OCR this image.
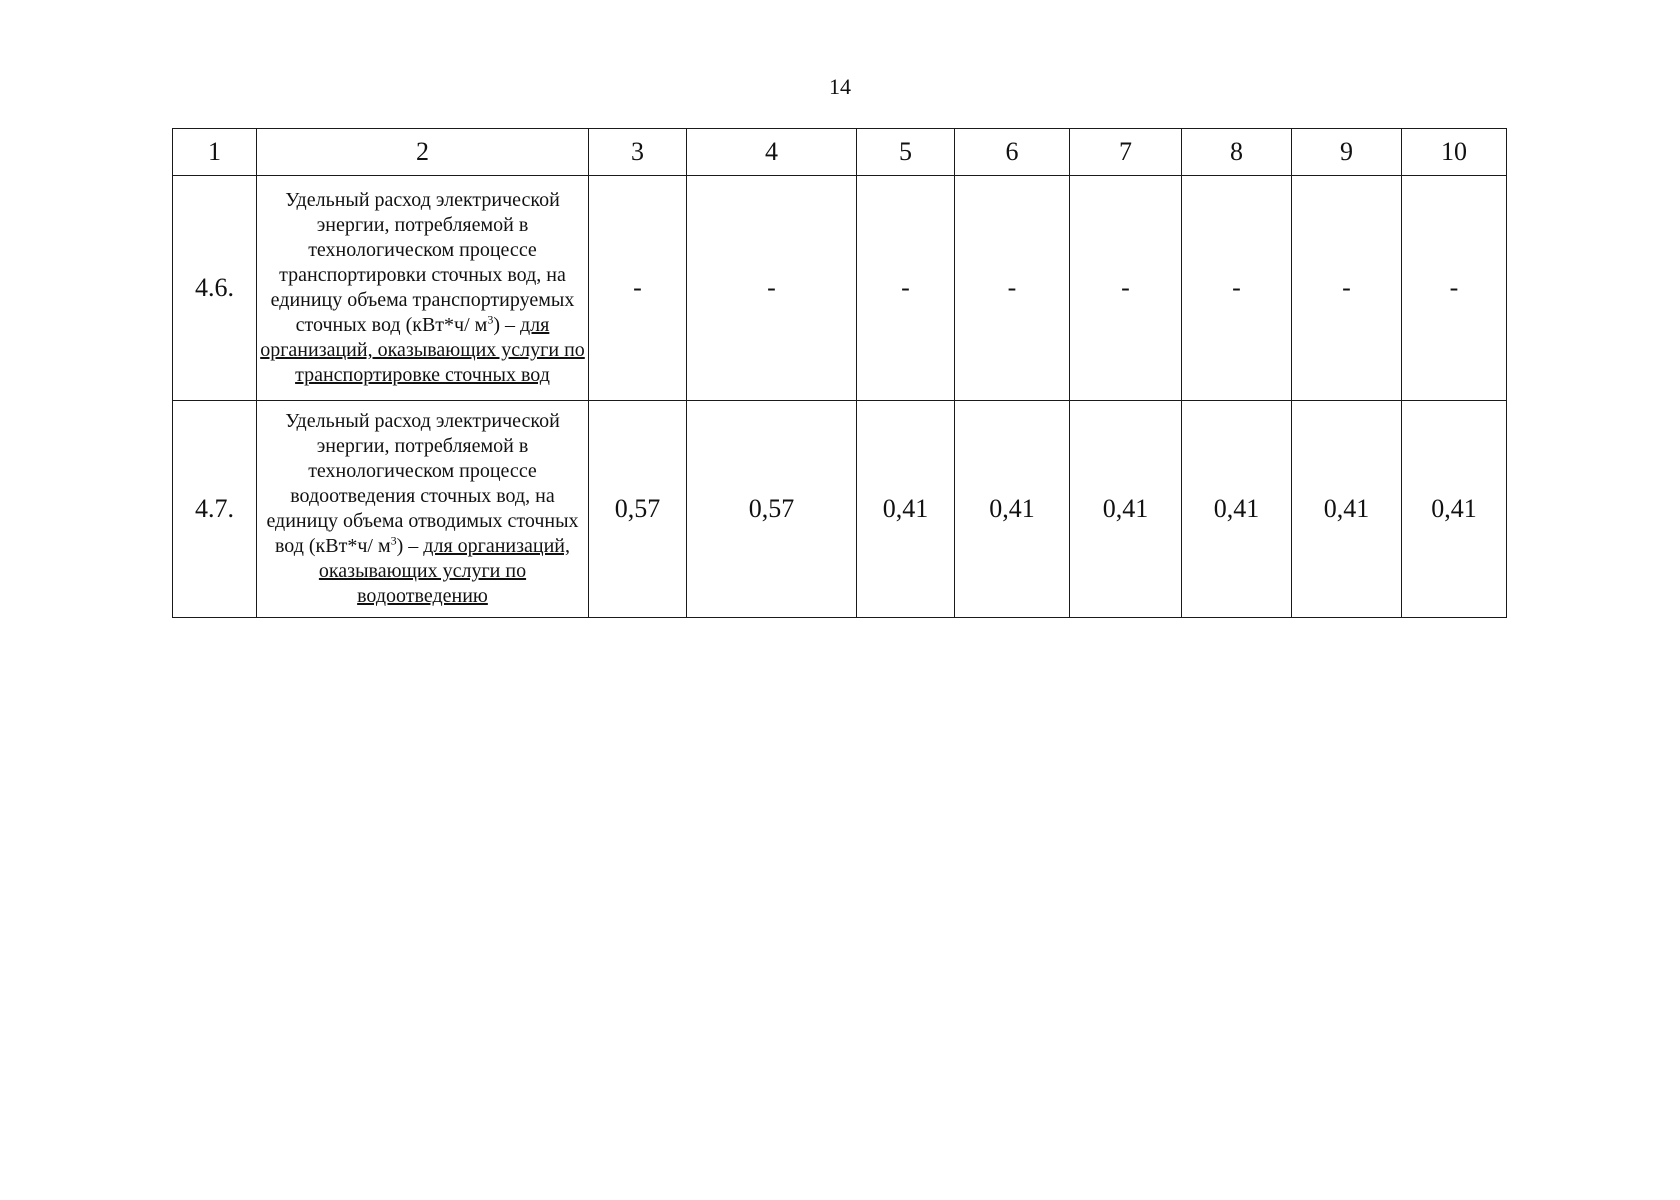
14
1	2	3	4	5	6	7	8	9	10
4.6.	Удельный расход электрической энергии, потребляемой в технологическом процессе транспортировки сточных вод, на единицу объема транспортируемых сточных вод (кВт*ч/ $м^3$) – для организаций, оказывающих услуги по транспортировке сточных вод	-	-	-	-	-	-	-	-
4.7.	Удельный расход электрической энергии, потребляемой в технологическом процессе водоотведения сточных вод, на единицу объема отводимых сточных вод (кВт*ч/ $м^3$) – для организаций, оказывающих услуги по водоотведению	0,57	0,57	0,41	0,41	0,41	0,41	0,41	0,41
